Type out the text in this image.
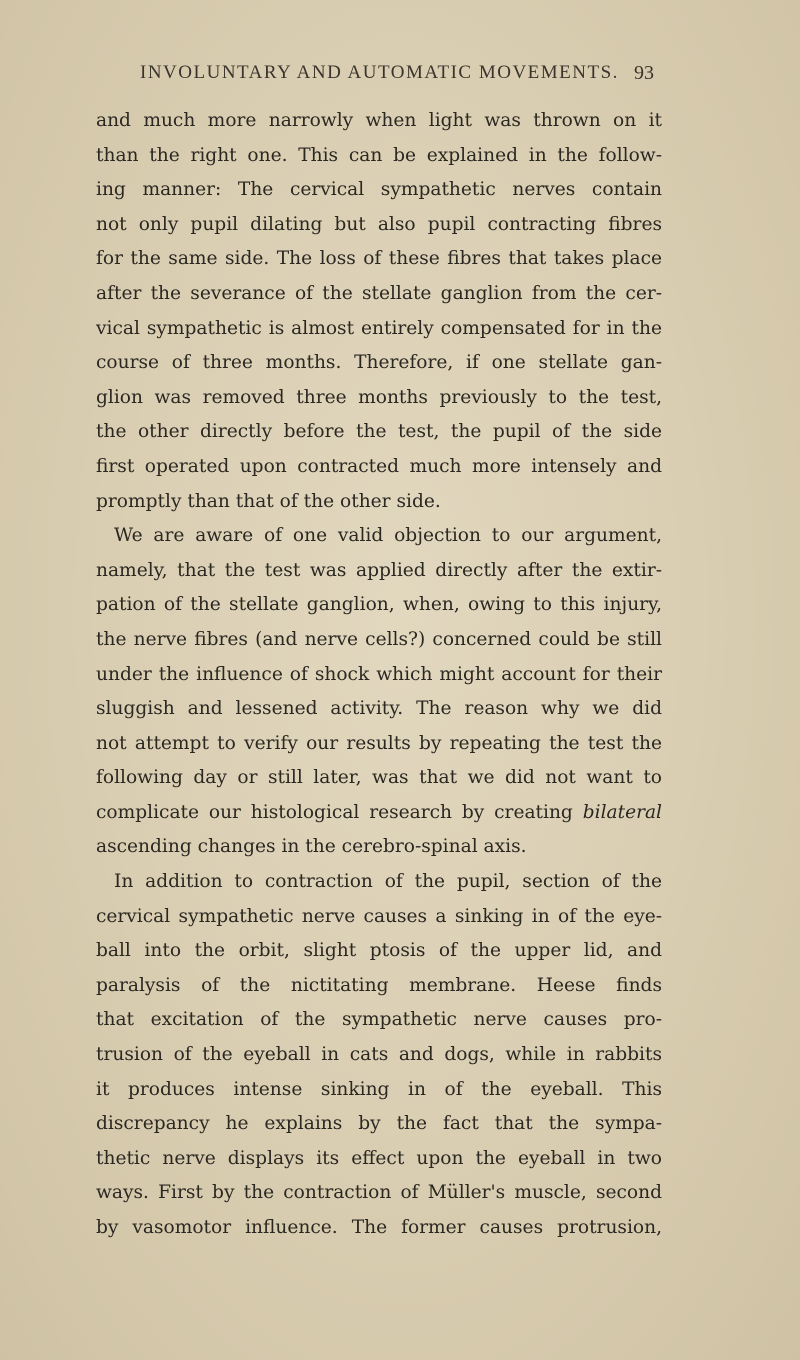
INVOLUNTARY AND AUTOMATIC MOVEMENTS. 93
and much more narrowly when light was thrown on it
than the right one. This can be explained in the follow-
ing manner: The cervical sympathetic nerves contain
not only pupil dilating but also pupil contracting fibres
for the same side. The loss of these fibres that takes place
after the severance of the stellate ganglion from the cer-
vical sympathetic is almost entirely compensated for in the
course of three months. Therefore, if one stellate gan-
glion was removed three months previously to the test,
the other directly before the test, the pupil of the side
first operated upon contracted much more intensely and
promptly than that of the other side.
We are aware of one valid objection to our argument,
namely, that the test was applied directly after the extir-
pation of the stellate ganglion, when, owing to this injury,
the nerve fibres (and nerve cells?) concerned could be still
under the influence of shock which might account for their
sluggish and lessened activity. The reason why we did
not attempt to verify our results by repeating the test the
following day or still later, was that we did not want to
complicate our histological research by creating bilateral
ascending changes in the cerebro-spinal axis.
In addition to contraction of the pupil, section of the
cervical sympathetic nerve causes a sinking in of the eye-
ball into the orbit, slight ptosis of the upper lid, and
paralysis of the nictitating membrane. Heese finds
that excitation of the sympathetic nerve causes pro-
trusion of the eyeball in cats and dogs, while in rabbits
it produces intense sinking in of the eyeball. This
discrepancy he explains by the fact that the sympa-
thetic nerve displays its effect upon the eyeball in two
ways. First by the contraction of Müller's muscle, second
by vasomotor influence. The former causes protrusion,
